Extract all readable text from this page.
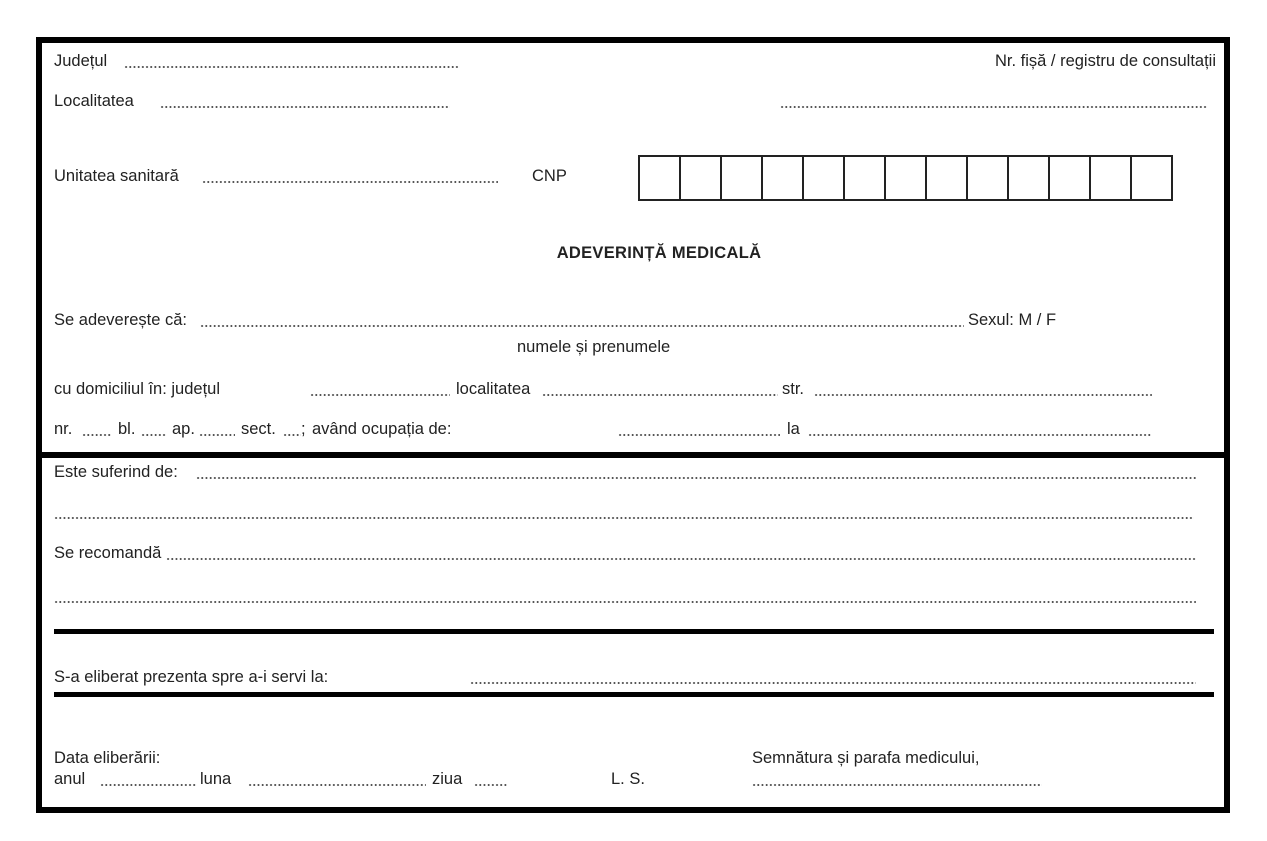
Județul	Nr. fișă / registru de consultații
Localitatea
Unitatea sanitară	CNP
ADEVERINȚĂ MEDICALĂ
Se adeverește că:	Sexul: M / F
numele și prenumele
cu domiciliul în: județul	localitatea	str.
nr.	bl. ap.	sect. ; având ocupația de:	la
Este suferind de:
Se recomandă
S-a eliberat prezenta spre a-i servi la:
Data eliberării:
anul	luna	ziua	L. S.
Semnătura și parafa medicului,
